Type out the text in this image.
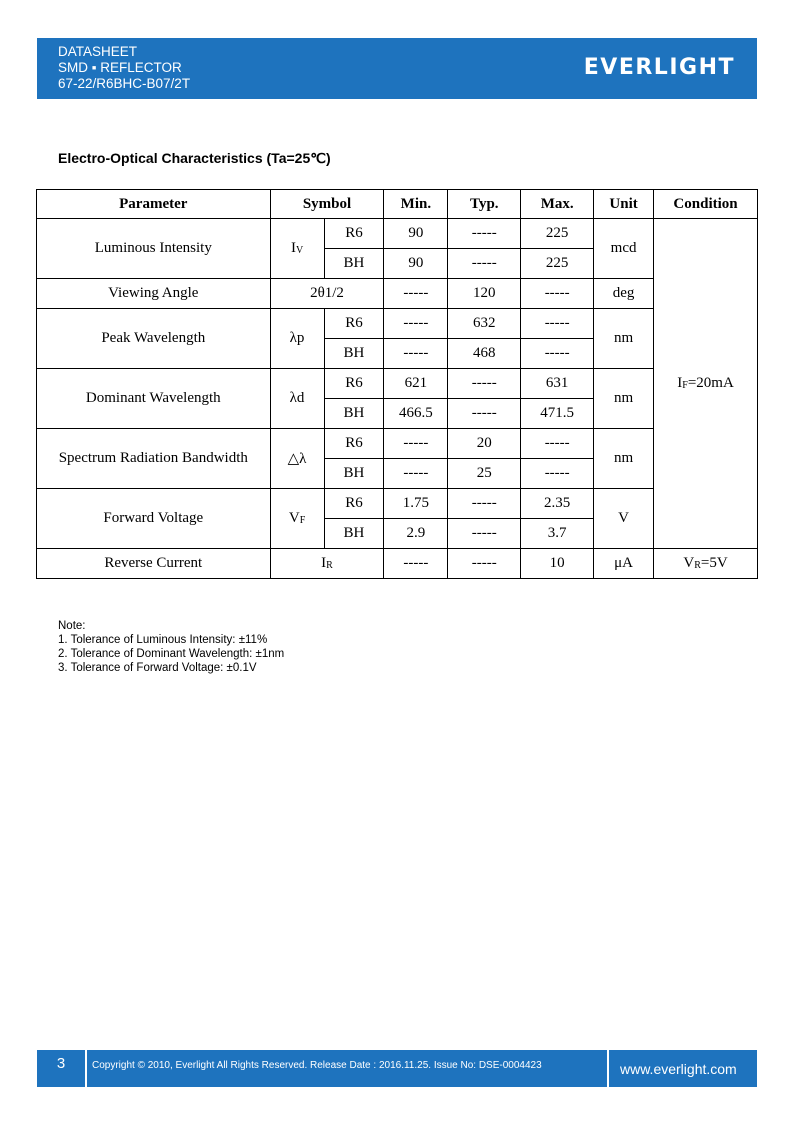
DATASHEET
SMD ▪ REFLECTOR
67-22/R6BHC-B07/2T
EVERLIGHT
Electro-Optical Characteristics (Ta=25℃)
Parameter	Symbol		Min.	Typ.	Max.	Unit	Condition
Luminous Intensity	$I_V$	R6	90	-----	225	mcd	$I_F=20mA$
		BH	90	-----	225		
Viewing Angle	2θ1/2		-----	120	-----	deg	
Peak Wavelength	λp	R6	-----	632	-----	nm	
		BH	-----	468	-----		
Dominant Wavelength	λd	R6	621	-----	631	nm	
		BH	466.5	-----	471.5		
Spectrum Radiation Bandwidth	△λ	R6	-----	20	-----	nm	
		BH	-----	25	-----		
Forward Voltage	$V_F$	R6	1.75	-----	2.35	V	
		BH	2.9	-----	3.7		
Reverse Current	$I_R$		-----	-----	10	μA	$V_R=5V$
Note:
1. Tolerance of Luminous Intensity: ±11%
2. Tolerance of Dominant Wavelength: ±1nm
3. Tolerance of Forward Voltage: ±0.1V
3	Copyright © 2010, Everlight All Rights Reserved. Release Date : 2016.11.25. Issue No: DSE-0004423	www.everlight.com
